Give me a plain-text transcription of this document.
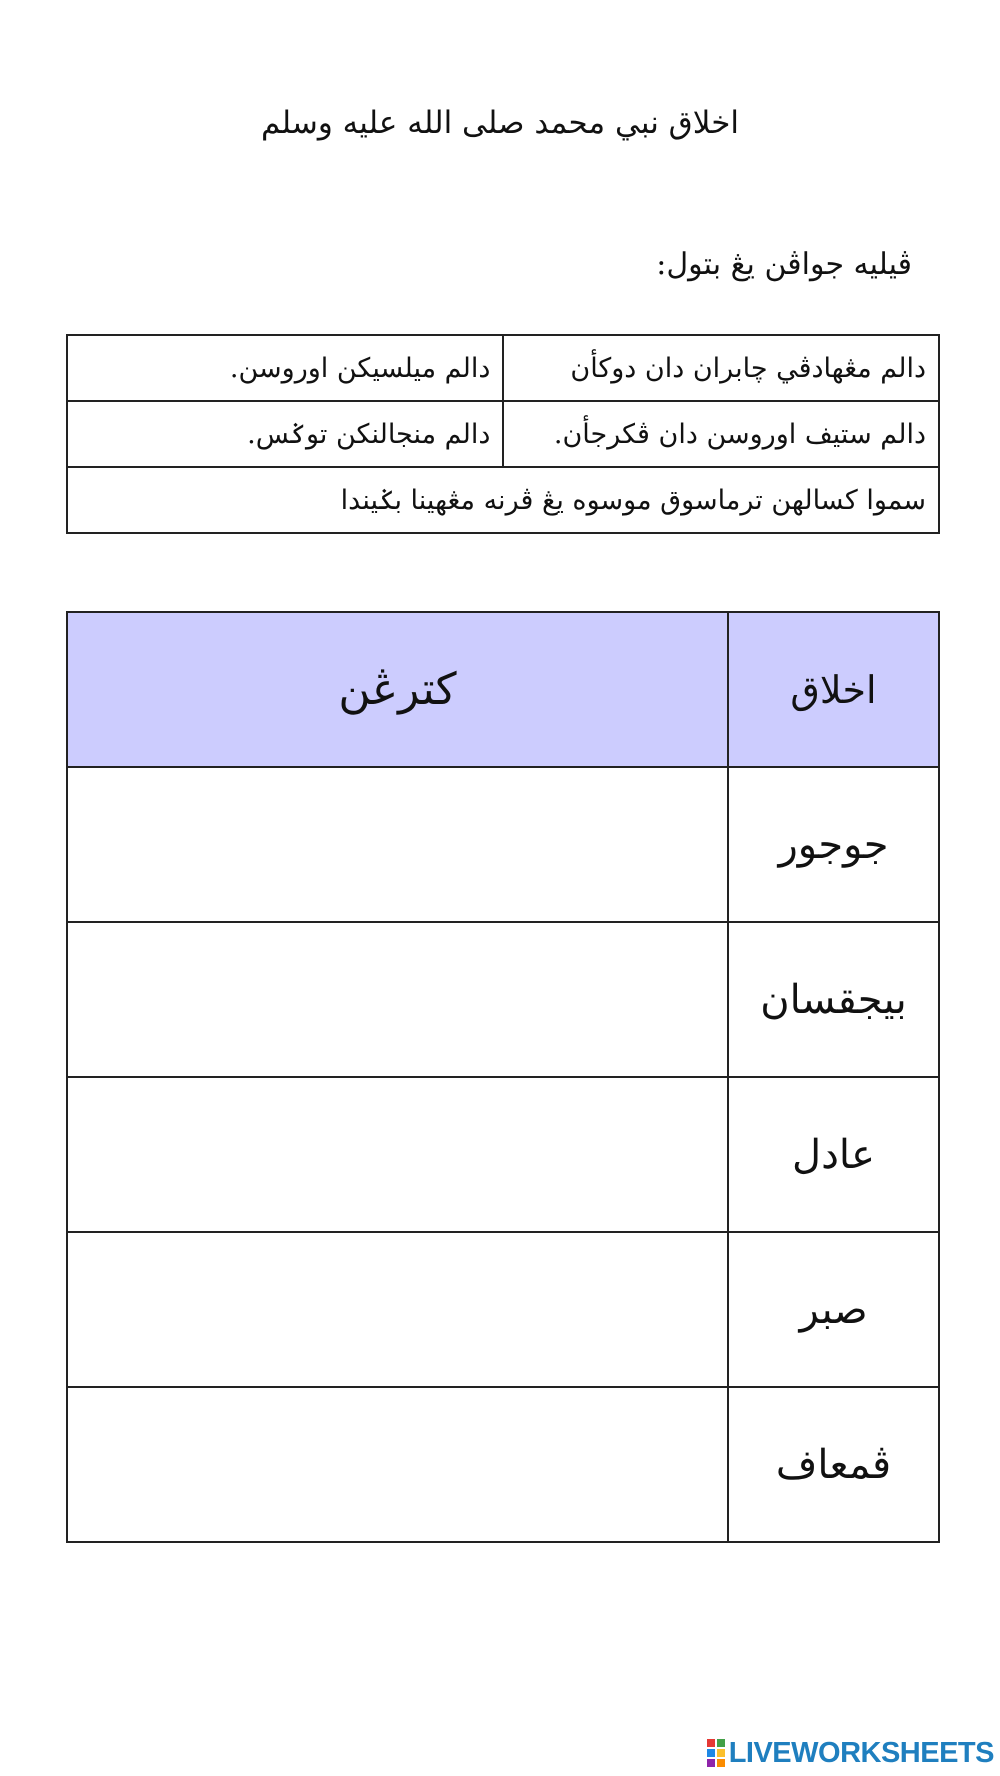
اخلاق نبي محمد صلى الله عليه وسلم
ڤيليه جواڤن يڠ بتول:
دالم مڠهادڤي چابران دان دوكأن	دالم ميلسيكن اوروسن.
دالم ستيف اوروسن دان ڤكرجأن.	دالم منجالنكن توݢس.
سموا كسالهن ترماسوق موسوه يڠ ڤرنه مڠهينا بݢيندا	
اخلاق	كترڠن
جوجور	
بيجقسان	
عادل	
صبر	
ڤمعاف	
LIVEWORKSHEETS
